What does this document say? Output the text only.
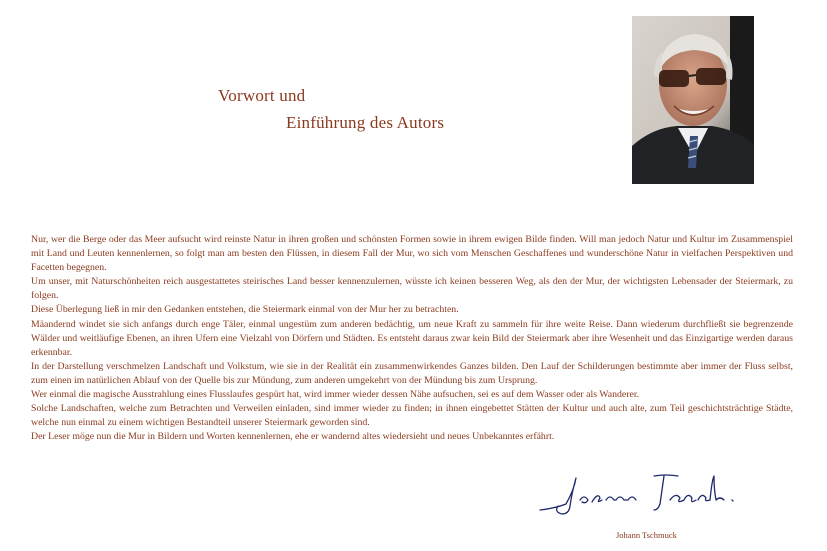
Vorwort und
Einführung des Autors

Nur, wer die Berge oder das Meer aufsucht wird reinste Natur in ihren großen und schönsten Formen sowie in ihrem ewigen Bilde finden. Will man jedoch Natur und Kultur im Zusammenspiel mit Land und Leuten kennenlernen, so folgt man am besten den Flüssen, in diesem Fall der Mur, wo sich vom Menschen Geschaffenes und wunderschöne Natur in vielfachen Perspektiven und Facetten begegnen.

Um unser, mit Naturschönheiten reich ausgestattetes steirisches Land besser kennenzulernen, wüsste ich keinen besseren Weg, als den der Mur, der wichtigsten Lebensader der Steiermark, zu folgen.

Diese Überlegung ließ in mir den Gedanken entstehen, die Steiermark einmal von der Mur her zu betrachten.

Mäandernd windet sie sich anfangs durch enge Täler, einmal ungestüm zum anderen bedächtig, um neue Kraft zu sammeln für ihre weite Reise. Dann wiederum durchfließt sie begrenzende Wälder und weitläufige Ebenen, an ihren Ufern eine Vielzahl von Dörfern und Städten. Es entsteht daraus zwar kein Bild der Steiermark aber ihre Wesenheit und das Einzigartige werden daraus erkennbar.

In der Darstellung verschmelzen Landschaft und Volkstum, wie sie in der Realität ein zusammenwirkendes Ganzes bilden. Den Lauf der Schilderungen bestimmte aber immer der Fluss selbst, zum einen im natürlichen Ablauf von der Quelle bis zur Mündung, zum anderen umgekehrt von der Mündung bis zum Ursprung.

Wer einmal die magische Ausstrahlung eines Flusslaufes gespürt hat, wird immer wieder dessen Nähe aufsuchen, sei es auf dem Wasser oder als Wanderer.

Solche Landschaften, welche zum Betrachten und Verweilen einladen, sind immer wieder zu finden; in ihnen eingebettet Stätten der Kultur und auch alte, zum Teil geschichtsträchtige Städte, welche nun einmal zu einem wichtigen Bestandteil unserer Steiermark geworden sind.

Der Leser möge nun die Mur in Bildern und Worten kennenlernen, ehe er wandernd altes wiedersieht und neues Unbekanntes erfährt.

Johann Tschmuck
